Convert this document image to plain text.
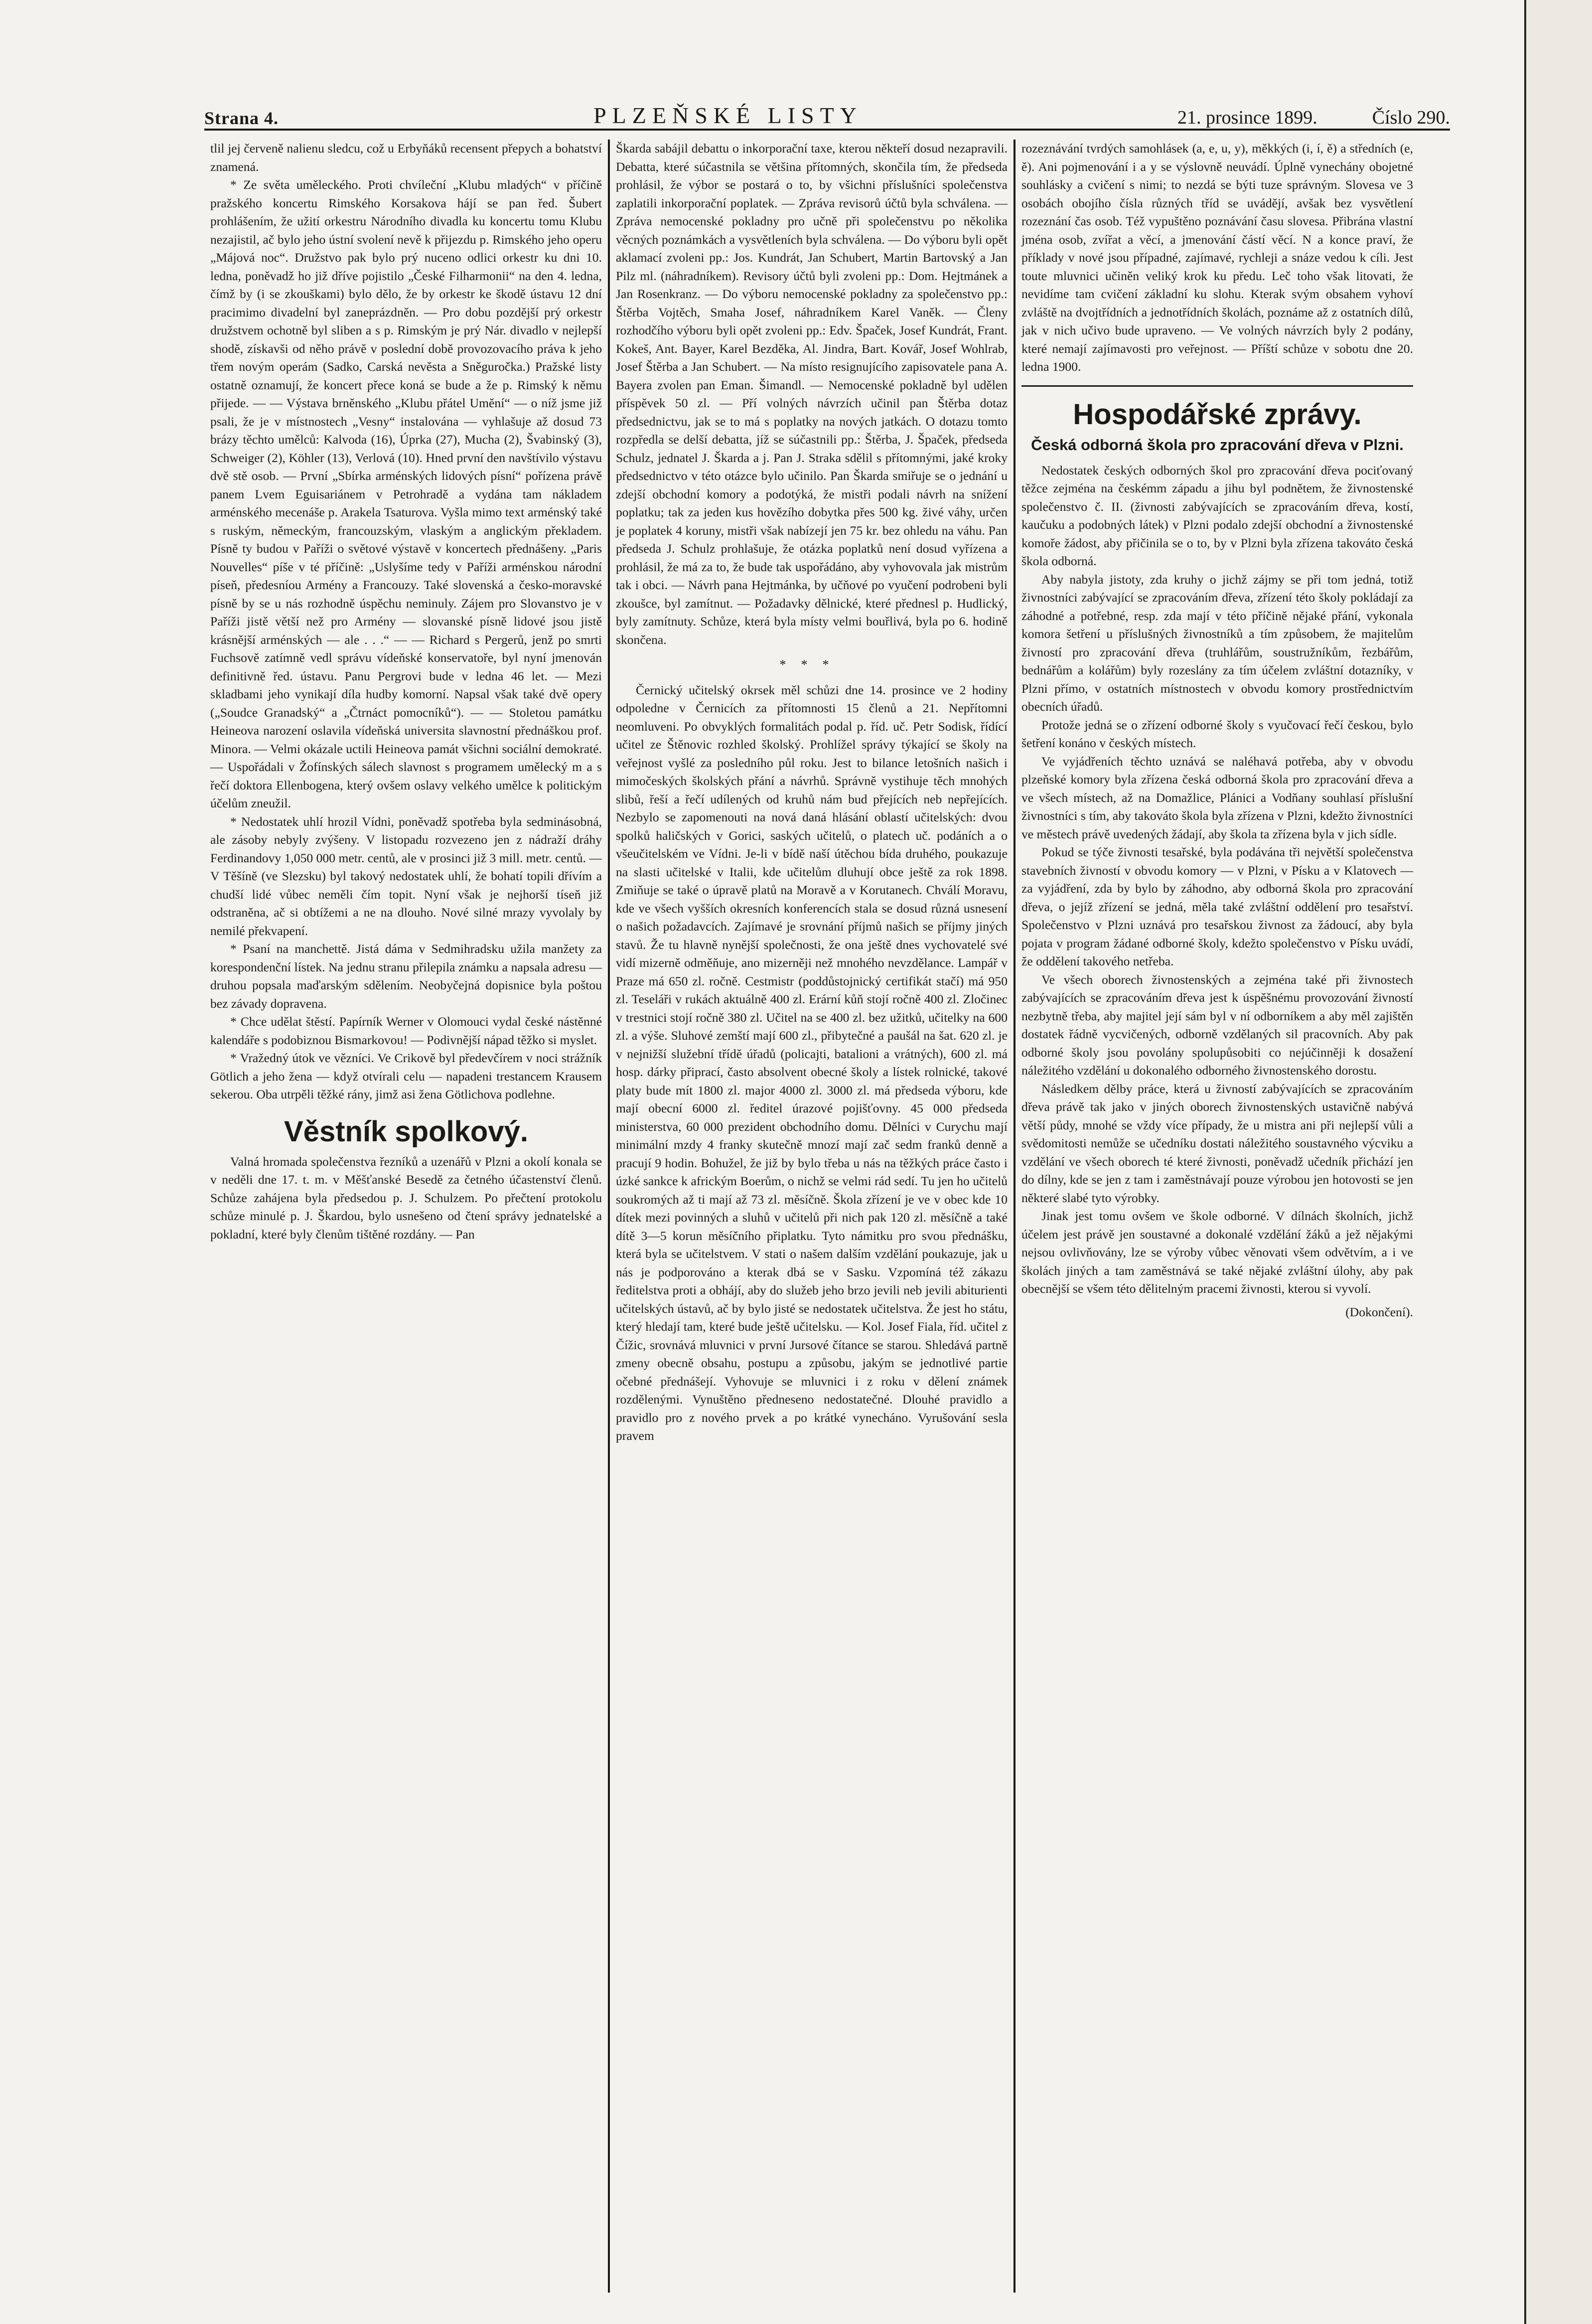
Strana 4.	PLZEŇSKÉ LISTY	21. prosince 1899.	Číslo 290.

tlil jej červeně nalienu sledcu, což u Erbyňáků recensent přepych a bohatství znamená.

* Ze světa uměleckého. Proti chvíleční „Klubu mladých“ v příčině pražského koncertu Rimského Korsakova hájí se pan řed. Šubert prohlášením, že užití orkestru Národního divadla ku koncertu tomu Klubu nezajistil, ač bylo jeho ústní svolení nevě k přijezdu p. Rimského jeho operu „Májová noc“. Družstvo pak bylo prý nuceno odlici orkestr ku dni 10. ledna, poněvadž ho již dříve pojistilo „České Filharmonii“ na den 4. ledna, čímž by (i se zkouškami) bylo dělo, že by orkestr ke škodě ústavu 12 dní pracimimo divadelní byl zaneprázdněn. — Pro dobu pozdější prý orkestr družstvem ochotně byl sliben a s p. Rimským je prý Nár. divadlo v nejlepší shodě, získavši od něho právě v poslední době provozovacího práva k jeho třem novým operám (Sadko, Carská nevěsta a Sněguročka.) Pražské listy ostatně oznamují, že koncert přece koná se bude a že p. Rimský k němu přijede. — — Výstava brněnského „Klubu přátel Umění“ — o níž jsme již psali, že je v místnostech „Vesny“ instalována — vyhlašuje až dosud 73 brázy těchto umělců: Kalvoda (16), Úprka (27), Mucha (2), Švabinský (3), Schweiger (2), Köhler (13), Verlová (10). Hned první den navštívilo výstavu dvě stě osob. — První „Sbírka arménských lidových písní“ pořízena právě panem Lvem Eguisariánem v Petrohradě a vydána tam nákladem arménského mecenáše p. Arakela Tsaturova. Vyšla mimo text arménský také s ruským, německým, francouzským, vlaským a anglickým překladem. Písně ty budou v Paříži o světové výstavě v koncertech přednášeny. „Paris Nouvelles“ píše v té příčině: „Uslyšíme tedy v Paříži arménskou národní píseň, předesníou Armény a Francouzy. Také slovenská a česko-moravské písně by se u nás rozhodně úspěchu neminuly. Zájem pro Slovanstvo je v Paříži jistě větší než pro Armény — slovanské písně lidové jsou jistě krásnější arménských — ale . . .“ — — Richard s Pergerů, jenž po smrti Fuchsově zatímně vedl správu vídeňské konservatoře, byl nyní jmenován definitivně řed. ústavu. Panu Pergrovi bude v ledna 46 let. — Mezi skladbami jeho vynikají díla hudby komorní. Napsal však také dvě opery („Soudce Granadský“ a „Čtrnáct pomocníků“). — — Stoletou památku Heineova narození oslavila vídeňská universita slavnostní přednáškou prof. Minora. — Velmi okázale uctili Heineova památ všichni sociální demokraté. — Uspořádali v Žofínských sálech slavnost s programem umělecký m a s řečí doktora Ellenbogena, který ovšem oslavy velkého umělce k politickým účelům zneužil.

* Nedostatek uhlí hrozil Vídni, poněvadž spotřeba byla sedminásobná, ale zásoby nebyly zvýšeny. V listopadu rozvezeno jen z nádraží dráhy Ferdinandovy 1,050 000 metr. centů, ale v prosinci již 3 mill. metr. centů. — V Těšíně (ve Slezsku) byl takový nedostatek uhlí, že bohatí topili dřívím a chudší lidé vůbec neměli čím topit. Nyní však je nejhorší tíseň již odstraněna, ač si obtížemi a ne na dlouho. Nové silné mrazy vyvolaly by nemilé překvapení.

* Psaní na manchettě. Jistá dáma v Sedmihradsku užila manžety za korespondenční lístek. Na jednu stranu přilepila známku a napsala adresu — druhou popsala maďarským sdělením. Neobyčejná dopisnice byla poštou bez závady dopravena.

* Chce udělat štěstí. Papírník Werner v Olomouci vydal české nástěnné kalendáře s podobiznou Bismarkovou! — Podivnější nápad těžko si myslet.

* Vražedný útok ve vězníci. Ve Crikově byl předevčírem v noci strážník Götlich a jeho žena — když otvírali celu — napadeni trestancem Krausem sekerou. Oba utrpěli těžké rány, jimž asi žena Götlichova podlehne.

Věstník spolkový.

Valná hromada společenstva řezníků a uzenářů v Plzni a okolí konala se v neděli dne 17. t. m. v Měšťanské Besedě za četného účastenství členů. Schůze zahájena byla předsedou p. J. Schulzem. Po přečtení protokolu schůze minulé p. J. Škardou, bylo usnešeno od čtení správy jednatelské a pokladní, které byly členům tištěné rozdány. — Pan

Škarda sabájil debattu o inkorporační taxe, kterou někteří dosud nezapravili. Debatta, které súčastnila se většina přítomných, skončila tím, že předseda prohlásil, že výbor se postará o to, by všichni příslušníci společenstva zaplatili inkorporační poplatek. — Zpráva revisorů účtů byla schválena. — Zpráva nemocenské pokladny pro učně při společenstvu po několika věcných poznámkách a vysvětleních byla schválena. — Do výboru byli opět aklamací zvoleni pp.: Jos. Kundrát, Jan Schubert, Martin Bartovský a Jan Pilz ml. (náhradníkem). Revisory účtů byli zvoleni pp.: Dom. Hejtmánek a Jan Rosenkranz. — Do výboru nemocenské pokladny za společenstvo pp.: Štěrba Vojtěch, Smaha Josef, náhradníkem Karel Vaněk. — Členy rozhodčího výboru byli opět zvoleni pp.: Edv. Špaček, Josef Kundrát, Frant. Kokeš, Ant. Bayer, Karel Bezděka, Al. Jindra, Bart. Kovář, Josef Wohlrab, Josef Štěrba a Jan Schubert. — Na místo resignujícího zapisovatele pana A. Bayera zvolen pan Eman. Šimandl. — Nemocenské pokladně byl udělen příspěvek 50 zl. — Pří volných návrzích učinil pan Štěrba dotaz předsednictvu, jak se to má s poplatky na nových jatkách. O dotazu tomto rozpředla se delší debatta, jíž se súčastnili pp.: Štěrba, J. Špaček, předseda Schulz, jednatel J. Škarda a j. Pan J. Straka sdělil s přítomnými, jaké kroky předsednictvo v této otázce bylo učinilo. Pan Škarda smiřuje se o jednání u zdejší obchodní komory a podotýká, že mistři podali návrh na snížení poplatku; tak za jeden kus hovězího dobytka přes 500 kg. živé váhy, určen je poplatek 4 koruny, mistři však nabízejí jen 75 kr. bez ohledu na váhu. Pan předseda J. Schulz prohlašuje, že otázka poplatků není dosud vyřízena a prohlásil, že má za to, že bude tak uspořádáno, aby vyhovovala jak mistrům tak i obci. — Návrh pana Hejtmánka, by učňové po vyučení podrobeni byli zkoušce, byl zamítnut. — Požadavky dělnické, které přednesl p. Hudlický, byly zamítnuty. Schůze, která byla místy velmi bouřlivá, byla po 6. hodině skončena.

***

Černický učitelský okrsek měl schůzi dne 14. prosince ve 2 hodiny odpoledne v Černicích za přítomnosti 15 členů a 21. Nepřítomni neomluveni. Po obvyklých formalitách podal p. říd. uč. Petr Sodisk, řídící učitel ze Štěnovic rozhled školský. Prohlížel správy týkající se školy na veřejnost vyšlé za posledního půl roku. Jest to bilance letošních našich i mimočeských školských přání a návrhů. Správně vystihuje těch mnohých slibů, řeší a řečí udílených od kruhů nám bud přejících neb nepřejících. Nezbylo se zapomenouti na nová daná hlásání oblastí učitelských: dvou spolků haličských v Gorici, saských učitelů, o platech uč. podáních a o všeučitelském ve Vídni. Je-li v bídě naší útěchou bída druhého, poukazuje na slasti učitelské v Italii, kde učitelům dluhují obce ještě za rok 1898. Zmiňuje se také o úpravě platů na Moravě a v Korutanech. Chválí Moravu, kde ve všech vyšších okresních konferencích stala se dosud různá usnesení o našich požadavcích. Zajímavé je srovnání příjmů našich se příjmy jiných stavů. Že tu hlavně nynější společnosti, že ona ještě dnes vychovatelé své vidí mizerně odměňuje, ano mizerněji než mnohého nevzdělance. Lampář v Praze má 650 zl. ročně. Cestmistr (poddůstojnický certifikát stačí) má 950 zl. Teseláři v rukách aktuálně 400 zl. Erární kůň stojí ročně 400 zl. Zločinec v trestnici stojí ročně 380 zl. Učitel na se 400 zl. bez užitků, učitelky na 600 zl. a výše. Sluhové zemští mají 600 zl., přibytečné a paušál na šat. 620 zl. je v nejnižší služební třídě úřadů (policajti, batalioni a vrátných), 600 zl. má hosp. dárky připrací, často absolvent obecné školy a lístek rolnické, takové platy bude mít 1800 zl. major 4000 zl. 3000 zl. má předseda výboru, kde mají obecní 6000 zl. ředitel úrazové pojišťovny. 45 000 předseda ministerstva, 60 000 prezident obchodního domu. Dělníci v Curychu mají minimální mzdy 4 franky skutečně mnozí mají zač sedm franků denně a pracují 9 hodin. Bohužel, že již by bylo třeba u nás na těžkých práce často i úzké sankce k africkým Boerům, o nichž se velmi rád sedí. Tu jen ho učitelů soukromých až ti mají až 73 zl. měsíčně. Škola zřízení je ve v obec kde 10 dítek mezi povinných a sluhů v učitelů při nich pak 120 zl. měsíčně a také dítě 3—5 korun měsíčního připlatku. Tyto námitku pro svou přednášku, která byla se učitelstvem. V stati o našem dalším vzdělání poukazuje, jak u nás je podporováno a kterak dbá se v Sasku. Vzpomíná též zákazu ředitelstva proti a obhájí, aby do služeb jeho brzo jevili neb jevili abiturienti učitelských ústavů, ač by bylo jisté se nedostatek učitelstva. Že jest ho státu, který hledají tam, které bude ještě učitelsku. — Kol. Josef Fiala, říd. učitel z Čížic, srovnává mluvnici v první Jursové čítance se starou. Shledává partně zmeny obecně obsahu, postupu a způsobu, jakým se jednotlivé partie očebné přednášejí. Vyhovuje se mluvnici i z roku v dělení známek rozdělenými. Vynuštěno předneseno nedostatečné. Dlouhé pravidlo a pravidlo pro z nového prvek a po krátké vynecháno. Vyrušování sesla pravem

rozeznávání tvrdých samohlásek (a, e, u, y), měkkých (i, í, ě) a středních (e, ě). Ani pojmenování i a y se výslovně neuvádí. Úplně vynechány obojetné souhlásky a cvičení s nimi; to nezdá se býti tuze správným. Slovesa ve 3 osobách obojího čísla různých tříd se uvádějí, avšak bez vysvětlení rozeznání čas osob. Též vypuštěno poznávání času slovesa. Přibrána vlastní jména osob, zvířat a věcí, a jmenování částí věcí. N a konce praví, že příklady v nové jsou případné, zajímavé, rychleji a snáze vedou k cíli. Jest toute mluvnici učiněn veliký krok ku předu. Leč toho však litovati, že nevidíme tam cvičení základní ku slohu. Kterak svým obsahem vyhoví zvláště na dvojtřídních a jednotřídních školách, poznáme až z ostatních dílů, jak v nich učivo bude upraveno. — Ve volných návrzích byly 2 podány, které nemají zajímavosti pro veřejnost. — Příští schůze v sobotu dne 20. ledna 1900.

Hospodářské zprávy.
Česká odborná škola pro zpracování dřeva v Plzni.

Nedostatek českých odborných škol pro zpracování dřeva pociťovaný těžce zejména na českémm západu a jihu byl podnětem, že živnostenské společenstvo č. II. (živnosti zabývajících se zpracováním dřeva, kostí, kaučuku a podobných látek) v Plzni podalo zdejší obchodní a živnostenské komoře žádost, aby přičinila se o to, by v Plzni byla zřízena takováto česká škola odborná.

Aby nabyla jistoty, zda kruhy o jichž zájmy se při tom jedná, totiž živnostníci zabývající se zpracováním dřeva, zřízení této školy pokládají za záhodné a potřebné, resp. zda mají v této příčině nějaké přání, vykonala komora šetření u příslušných živnostníků a tím způsobem, že majitelům živností pro zpracování dřeva (truhlářům, soustružníkům, řezbářům, bednářům a kolářům) byly rozeslány za tím účelem zvláštní dotazníky, v Plzni přímo, v ostatních místnostech v obvodu komory prostřednictvím obecních úřadů.

Protože jedná se o zřízení odborné školy s vyučovací řečí českou, bylo šetření konáno v českých místech.

Ve vyjádřeních těchto uznává se naléhavá potřeba, aby v obvodu plzeňské komory byla zřízena česká odborná škola pro zpracování dřeva a ve všech místech, až na Domažlice, Plánici a Vodňany souhlasí příslušní živnostníci s tím, aby takováto škola byla zřízena v Plzni, kdežto živnostníci ve městech právě uvedených žádají, aby škola ta zřízena byla v jich sídle.

Pokud se týče živnosti tesařské, byla podávána tři největší společenstva stavebních živností v obvodu komory — v Plzni, v Písku a v Klatovech — za vyjádření, zda by bylo by záhodno, aby odborná škola pro zpracování dřeva, o jejíž zřízení se jedná, měla také zvláštní oddělení pro tesařství. Společenstvo v Plzni uznává pro tesařskou živnost za žádoucí, aby byla pojata v program žádané odborné školy, kdežto společenstvo v Písku uvádí, že oddělení takového netřeba.

Ve všech oborech živnostenských a zejména také při živnostech zabývajících se zpracováním dřeva jest k úspěšnému provozování živností nezbytně třeba, aby majitel její sám byl v ní odborníkem a aby měl zajištěn dostatek řádně vycvičených, odborně vzdělaných sil pracovních. Aby pak odborné školy jsou povolány spolupůsobiti co nejúčinněji k dosažení náležitého vzdělání u dokonalého odborného živnostenského dorostu.

Následkem dělby práce, která u živností zabývajících se zpracováním dřeva právě tak jako v jiných oborech živnostenských ustavičně nabývá větší půdy, mnohé se vždy více případy, že u mistra ani při nejlepší vůli a svědomitosti nemůže se učedníku dostati náležitého soustavného výcviku a vzdělání ve všech oborech té které živnosti, poněvadž učedník přichází jen do dílny, kde se jen z tam i zaměstnávají pouze výrobou jen hotovosti se jen některé slabé tyto výrobky.

Jinak jest tomu ovšem ve škole odborné. V dílnách školních, jichž účelem jest právě jen soustavné a dokonalé vzdělání žáků a jež nějakými nejsou ovlivňovány, lze se výroby vůbec věnovati všem odvětvím, a i ve školách jiných a tam zaměstnává se také nějaké zvláštní úlohy, aby pak obecnější se všem této dělitelným pracemi živnosti, kterou si vyvolí.

(Dokončení).
